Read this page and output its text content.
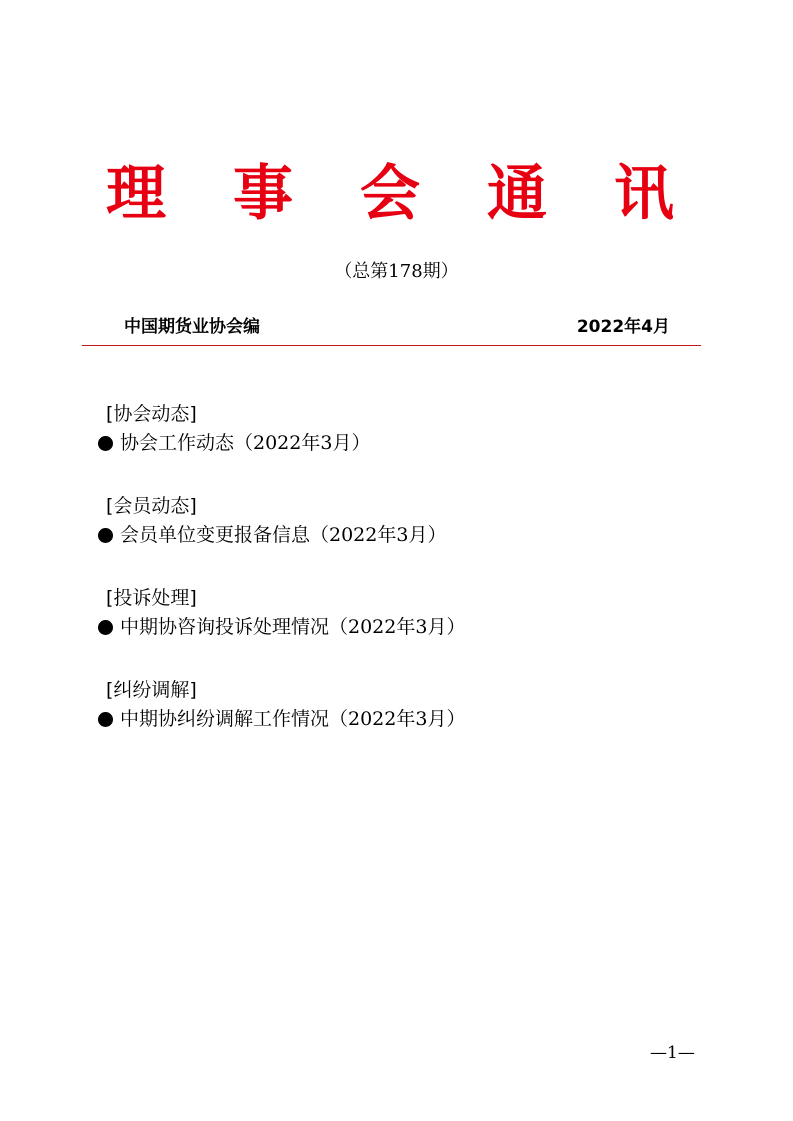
理 事 会 通 讯
（总第178期）
中国期货业协会编	2022年4月
[协会动态]
协会工作动态（2022年3月）
[会员动态]
会员单位变更报备信息（2022年3月）
[投诉处理]
中期协咨询投诉处理情况（2022年3月）
[纠纷调解]
中期协纠纷调解工作情况（2022年3月）
—1—
